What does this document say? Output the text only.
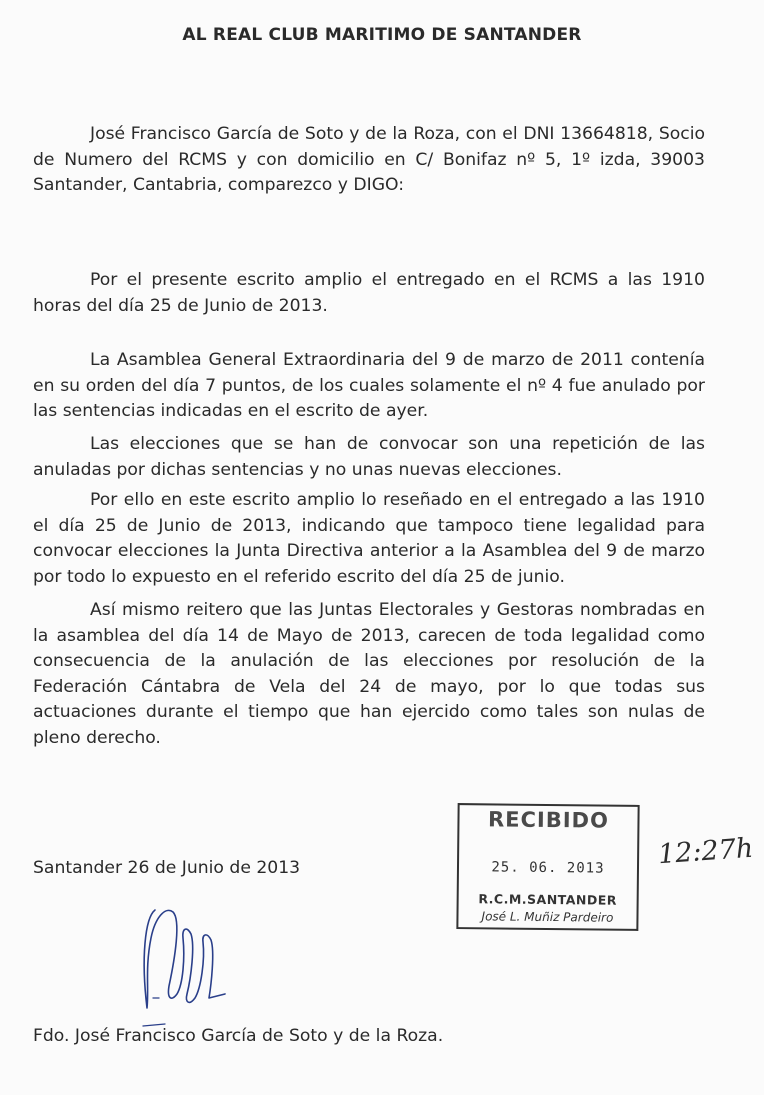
AL REAL CLUB MARITIMO DE SANTANDER

José Francisco García de Soto y de la Roza, con el DNI 13664818, Socio de Numero del RCMS y con domicilio en C/ Bonifaz nº 5, 1º izda, 39003 Santander, Cantabria, comparezco y DIGO:

Por el presente escrito amplio el entregado en el RCMS a las 1910 horas del día 25 de Junio de 2013.

La Asamblea General Extraordinaria del 9 de marzo de 2011 contenía en su orden del día 7 puntos, de los cuales solamente el nº 4 fue anulado por las sentencias indicadas en el escrito de ayer.

Las elecciones que se han de convocar son una repetición de las anuladas por dichas sentencias y no unas nuevas elecciones.

Por ello en este escrito amplio lo reseñado en el entregado a las 1910 el día 25 de Junio de 2013, indicando que tampoco tiene legalidad para convocar elecciones la Junta Directiva anterior a la Asamblea del 9 de marzo por todo lo expuesto en el referido escrito del día 25 de junio.

Así mismo reitero que las Juntas Electorales y Gestoras nombradas en la asamblea del día 14 de Mayo de 2013, carecen de toda legalidad como consecuencia de la anulación de las elecciones por resolución de la Federación Cántabra de Vela del 24 de mayo, por lo que todas sus actuaciones durante el tiempo que han ejercido como tales son nulas de pleno derecho.

Santander 26 de Junio de 2013
RECIBIDO
25. 06. 2013
R.C.M.SANTANDER
José L. Muñiz Pardeiro
12:27h
Fdo. José Francisco García de Soto y de la Roza.
